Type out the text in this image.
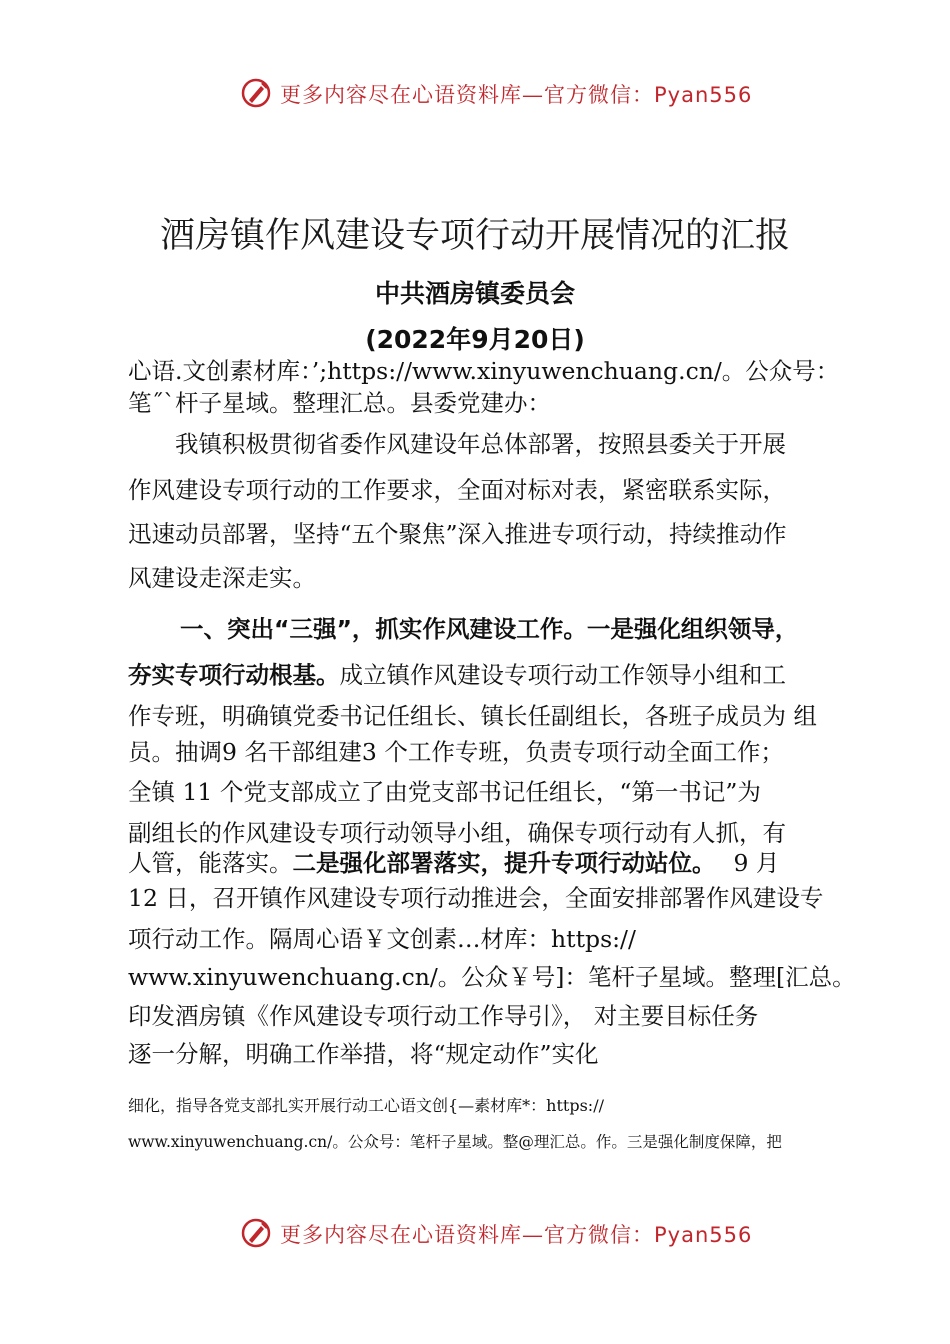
更多内容尽在心语资料库—官方微信：Pyan556
酒房镇作风建设专项行动开展情况的汇报
中共酒房镇委员会
(2022年9月20日)
心语.文创素材库：’;https://www.xinyuwenchuang.cn/。公众号：
笔˝ˋ杆子星域。整理汇总。县委党建办：
　　我镇积极贯彻省委作风建设年总体部署，按照县委关于开展
作风建设专项行动的工作要求，全面对标对表，紧密联系实际，
迅速动员部署，坚持“五个聚焦”深入推进专项行动，持续推动作
风建设走深走实。
一、突出“三强”，抓实作风建设工作。一是强化组织领导，
夯实专项行动根基。成立镇作风建设专项行动工作领导小组和工
作专班，明确镇党委书记任组长、镇长任副组长，各班子成员为 组
员。抽调9 名干部组建3 个工作专班，负责专项行动全面工作；
全镇 11 个党支部成立了由党支部书记任组长，“第一书记”为
副组长的作风建设专项行动领导小组，确保专项行动有人抓，有
人管，能落实。二是强化部署落实，提升专项行动站位。 9 月
12 日，召开镇作风建设专项行动推进会，全面安排部署作风建设专
项行动工作。隔周心语￥文创素…材库：https://
www.xinyuwenchuang.cn/。公众￥号]：笔杆子星域。整理[汇总。
印发酒房镇《作风建设专项行动工作导引》， 对主要目标任务
逐一分解，明确工作举措，将“规定动作”实化
细化，指导各党支部扎实开展行动工心语文创{—素材库*：https://
www.xinyuwenchuang.cn/。公众号：笔杆子星域。整@理汇总。作。三是强化制度保障，把
更多内容尽在心语资料库—官方微信：Pyan556
